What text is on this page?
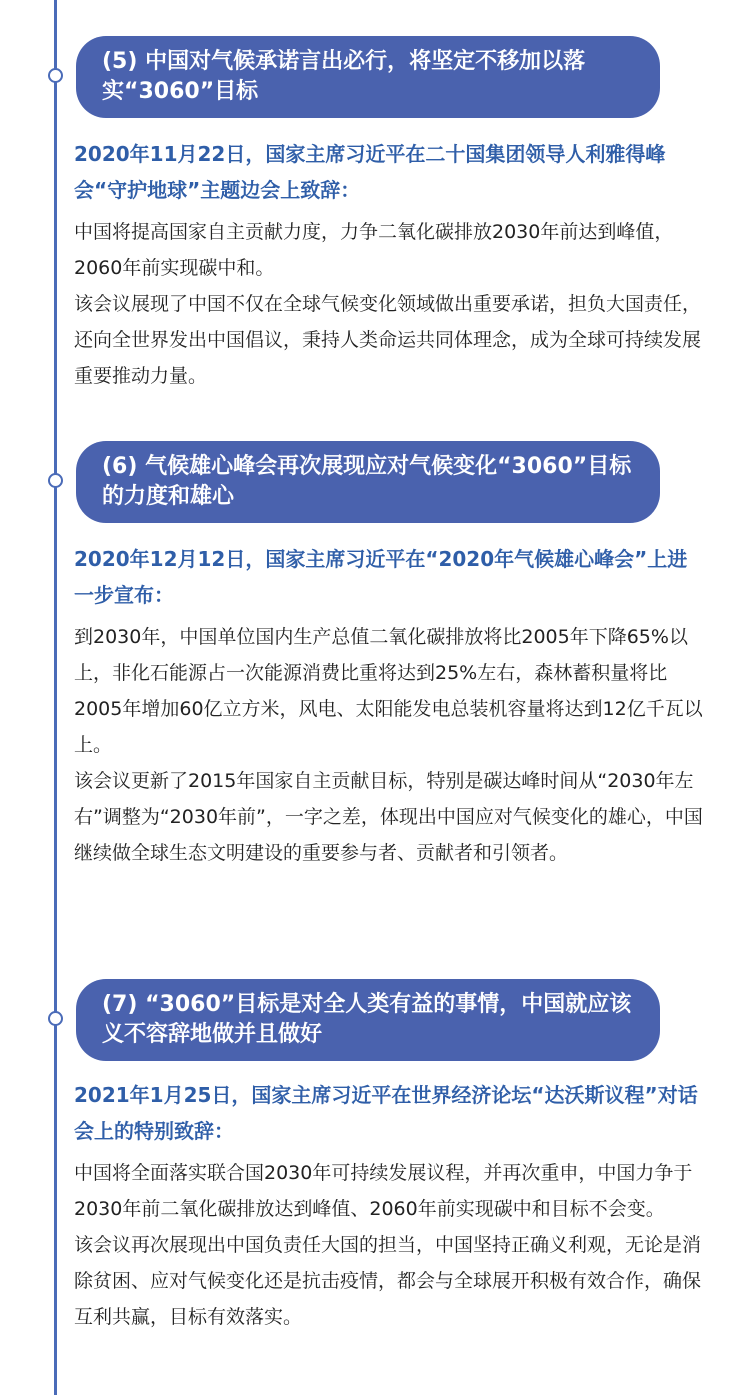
(5) 中国对气候承诺言出必行，将坚定不移加以落实“3060”目标

2020年11月22日，国家主席习近平在二十国集团领导人利雅得峰会“守护地球”主题边会上致辞：

中国将提高国家自主贡献力度，力争二氧化碳排放2030年前达到峰值，2060年前实现碳中和。

该会议展现了中国不仅在全球气候变化领域做出重要承诺，担负大国责任，还向全世界发出中国倡议，秉持人类命运共同体理念，成为全球可持续发展重要推动力量。

(6) 气候雄心峰会再次展现应对气候变化“3060”目标的力度和雄心

2020年12月12日，国家主席习近平在“2020年气候雄心峰会”上进一步宣布：

到2030年，中国单位国内生产总值二氧化碳排放将比2005年下降65%以上，非化石能源占一次能源消费比重将达到25%左右，森林蓄积量将比2005年增加60亿立方米，风电、太阳能发电总装机容量将达到12亿千瓦以上。

该会议更新了2015年国家自主贡献目标，特别是碳达峰时间从“2030年左右”调整为“2030年前”，一字之差，体现出中国应对气候变化的雄心，中国继续做全球生态文明建设的重要参与者、贡献者和引领者。

(7) “3060”目标是对全人类有益的事情，中国就应该义不容辞地做并且做好

2021年1月25日，国家主席习近平在世界经济论坛“达沃斯议程”对话会上的特别致辞：

中国将全面落实联合国2030年可持续发展议程，并再次重申，中国力争于2030年前二氧化碳排放达到峰值、2060年前实现碳中和目标不会变。

该会议再次展现出中国负责任大国的担当，中国坚持正确义利观，无论是消除贫困、应对气候变化还是抗击疫情，都会与全球展开积极有效合作，确保互利共赢，目标有效落实。
